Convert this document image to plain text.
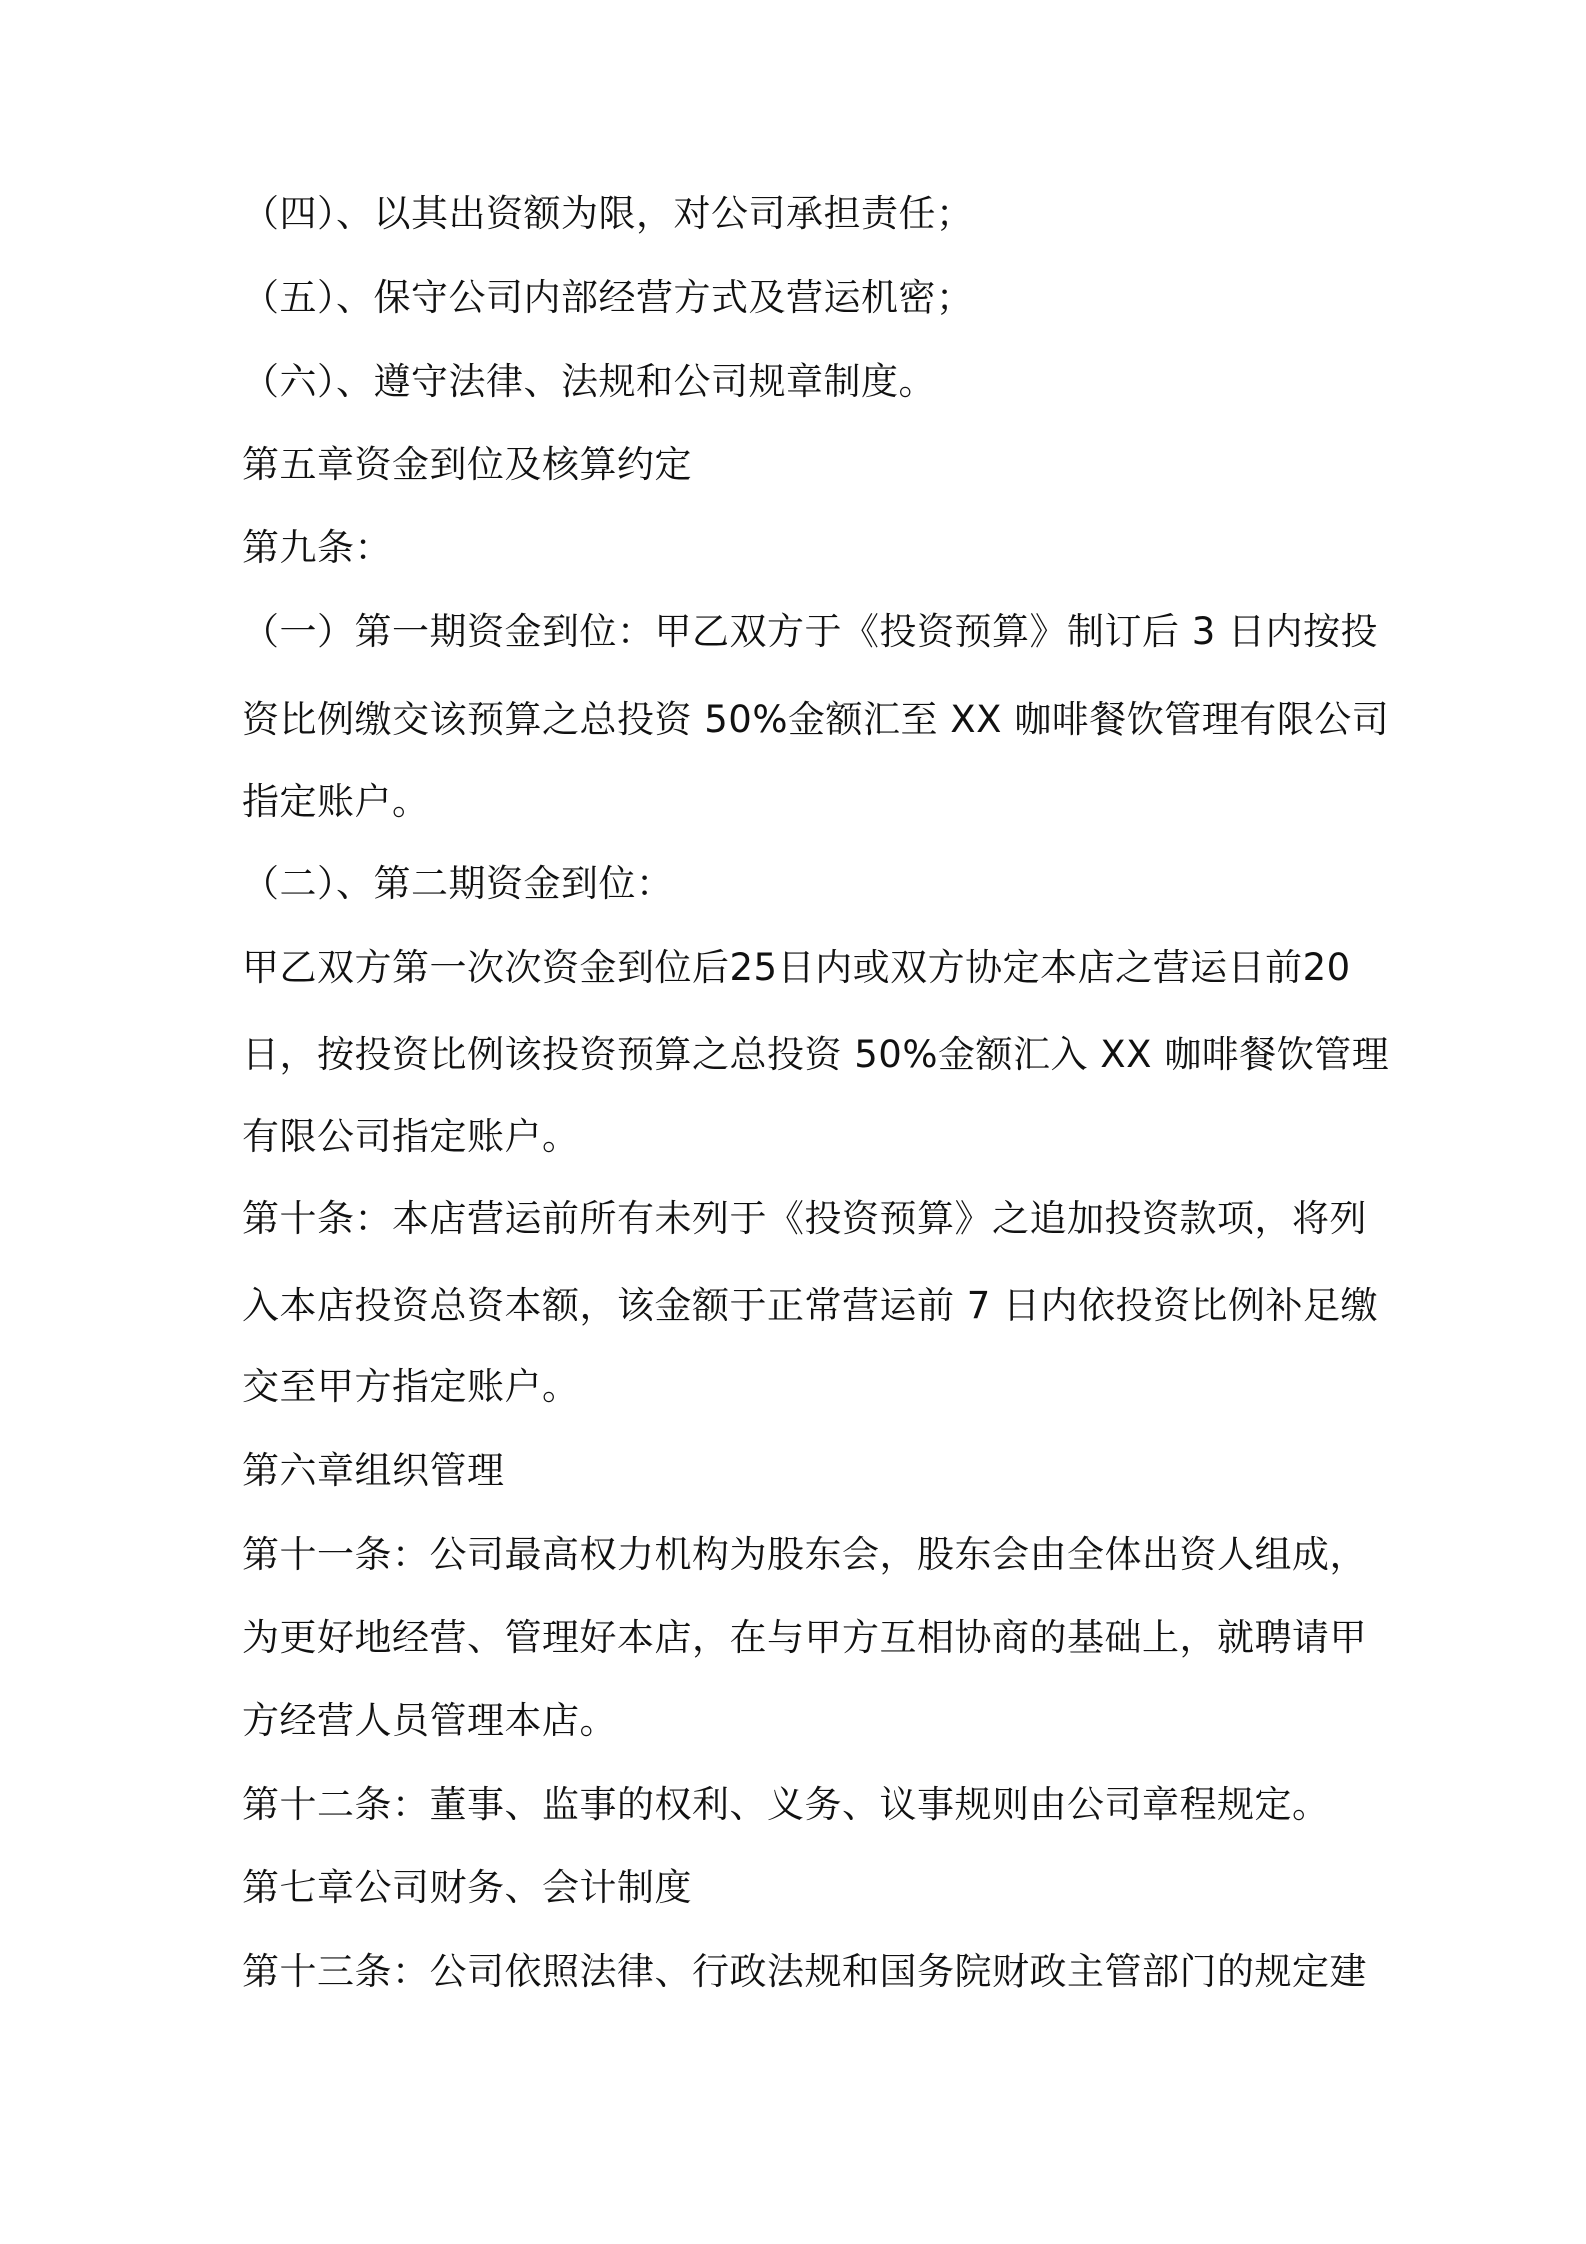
（四）、以其出资额为限，对公司承担责任；
（五）、保守公司内部经营方式及营运机密；
（六）、遵守法律、法规和公司规章制度。
第五章资金到位及核算约定
第九条：
（一）第一期资金到位：甲乙双方于《投资预算》制订后 3 日内按投
资比例缴交该预算之总投资 50%金额汇至 XX 咖啡餐饮管理有限公司
指定账户。
（二）、第二期资金到位：
甲乙双方第一次次资金到位后25日内或双方协定本店之营运日前20
日，按投资比例该投资预算之总投资 50%金额汇入 XX 咖啡餐饮管理
有限公司指定账户。
第十条：本店营运前所有未列于《投资预算》之追加投资款项，将列
入本店投资总资本额，该金额于正常营运前 7 日内依投资比例补足缴
交至甲方指定账户。
第六章组织管理
第十一条：公司最高权力机构为股东会，股东会由全体出资人组成，
为更好地经营、管理好本店，在与甲方互相协商的基础上，就聘请甲
方经营人员管理本店。
第十二条：董事、监事的权利、义务、议事规则由公司章程规定。
第七章公司财务、会计制度
第十三条：公司依照法律、行政法规和国务院财政主管部门的规定建
